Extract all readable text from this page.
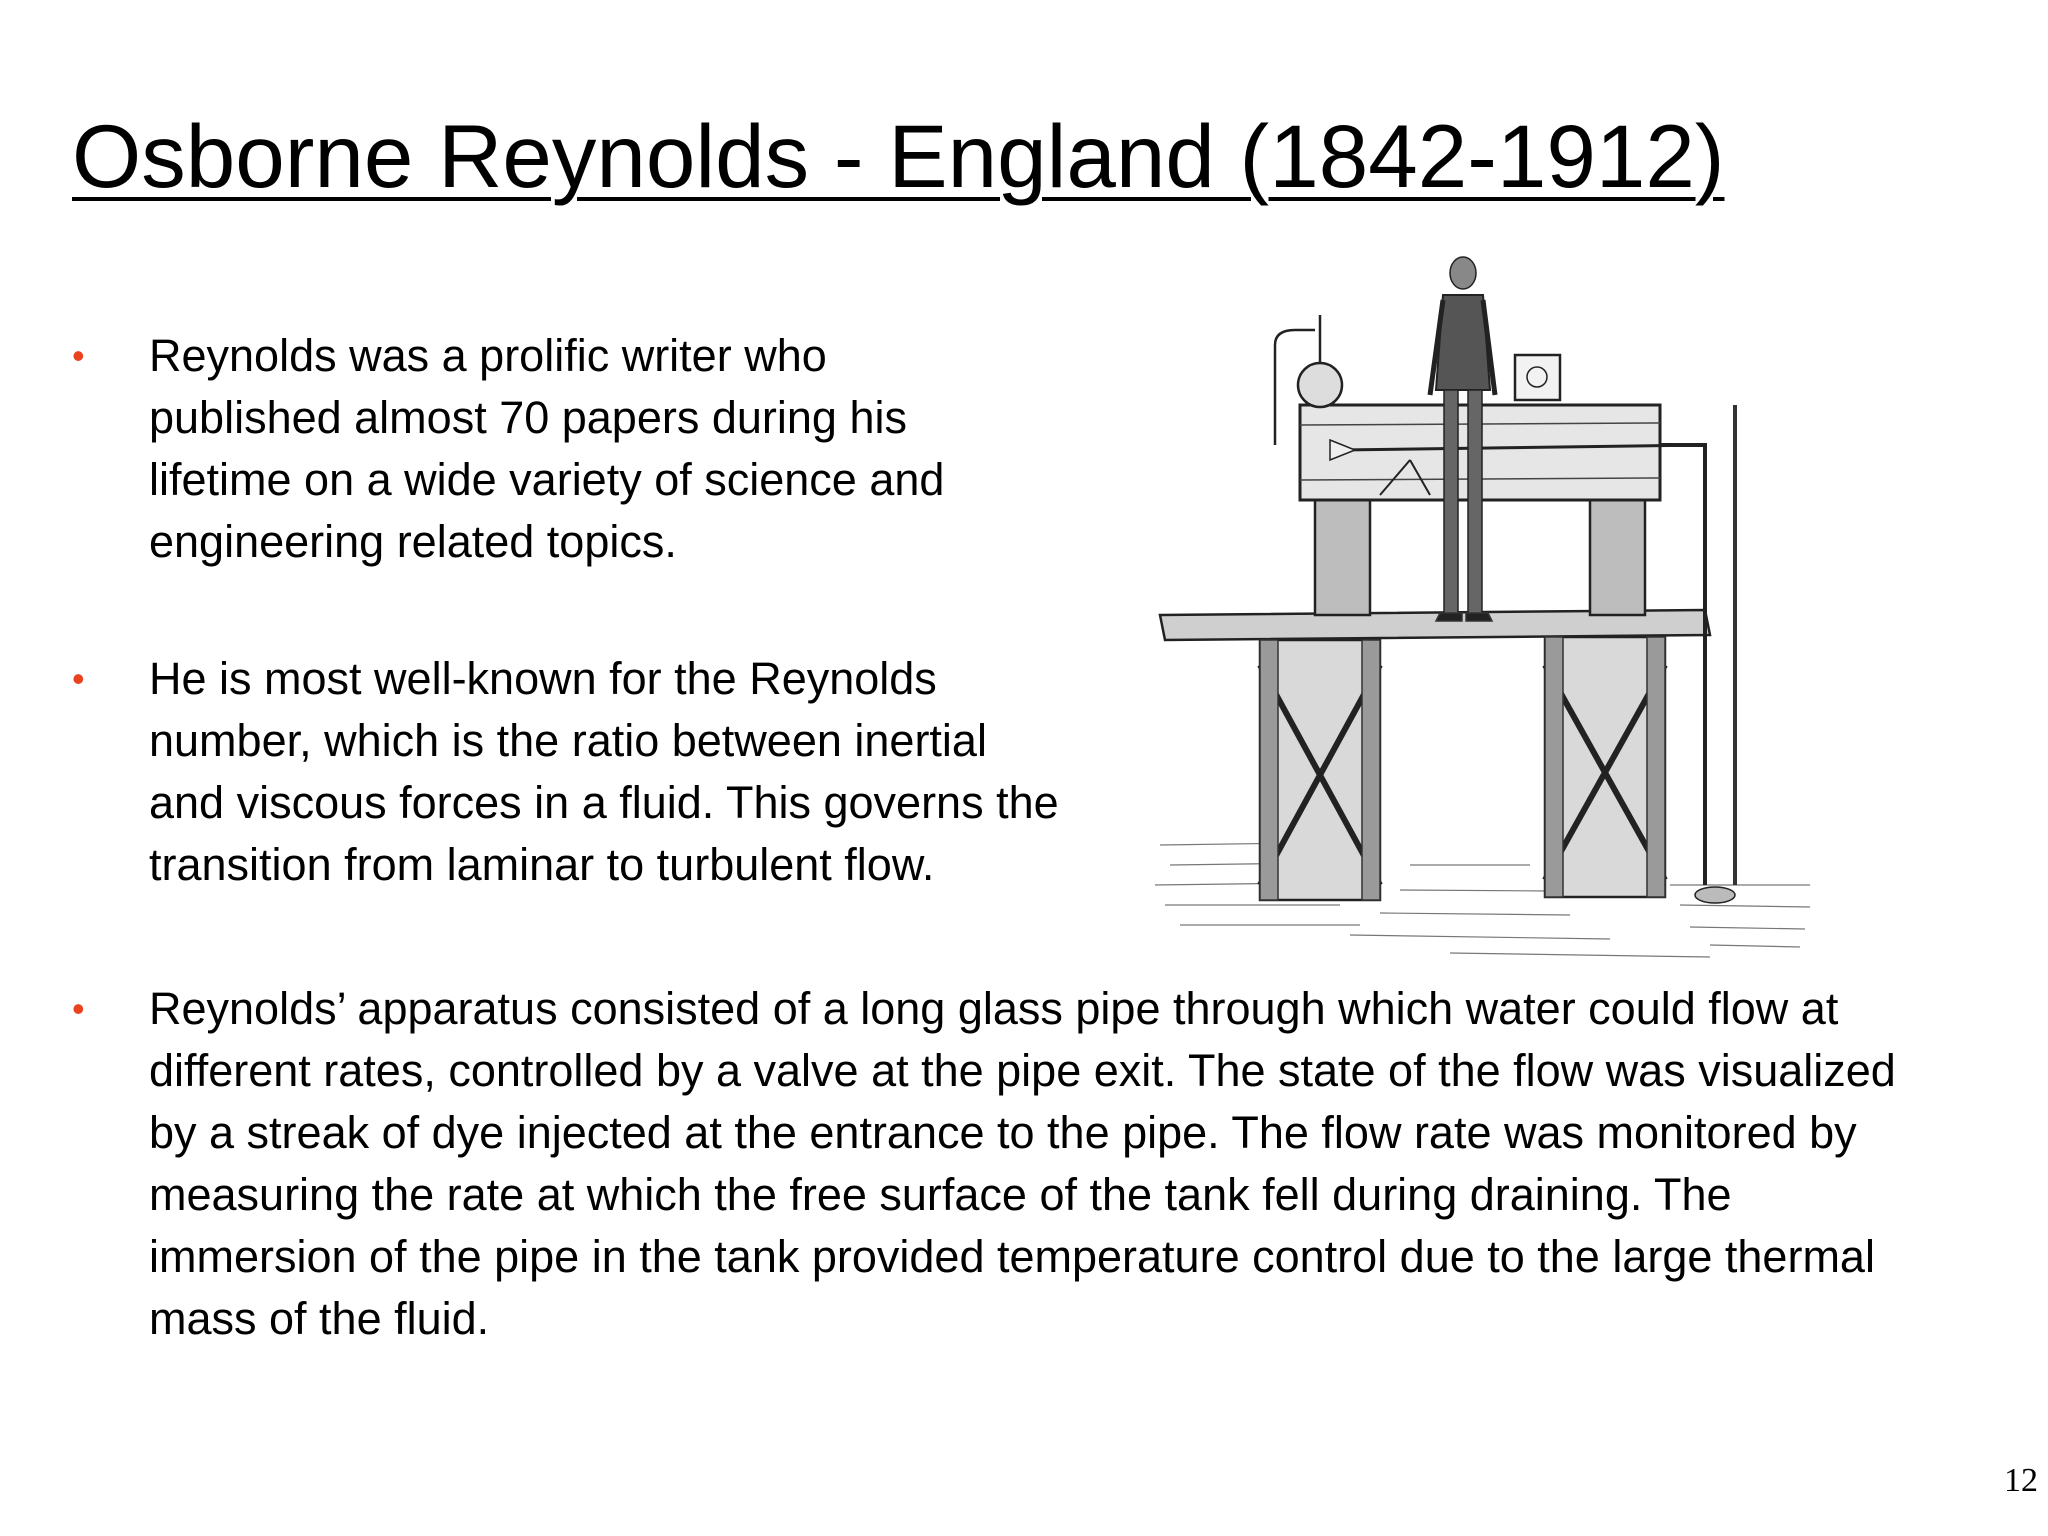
Osborne Reynolds - England (1842-1912)
• Reynolds was a prolific writer who published almost 70 papers during his lifetime on a wide variety of science and engineering related topics.
• He is most well-known for the Reynolds number, which is the ratio between inertial and viscous forces in a fluid. This governs the transition from laminar to turbulent flow.
• Reynolds’ apparatus consisted of a long glass pipe through which water could flow at different rates, controlled by a valve at the pipe exit. The state of the flow was visualized by a streak of dye injected at the entrance to the pipe. The flow rate was monitored by measuring the rate at which the free surface of the tank fell during draining. The immersion of the pipe in the tank provided temperature control due to the large thermal mass of the fluid.
12
